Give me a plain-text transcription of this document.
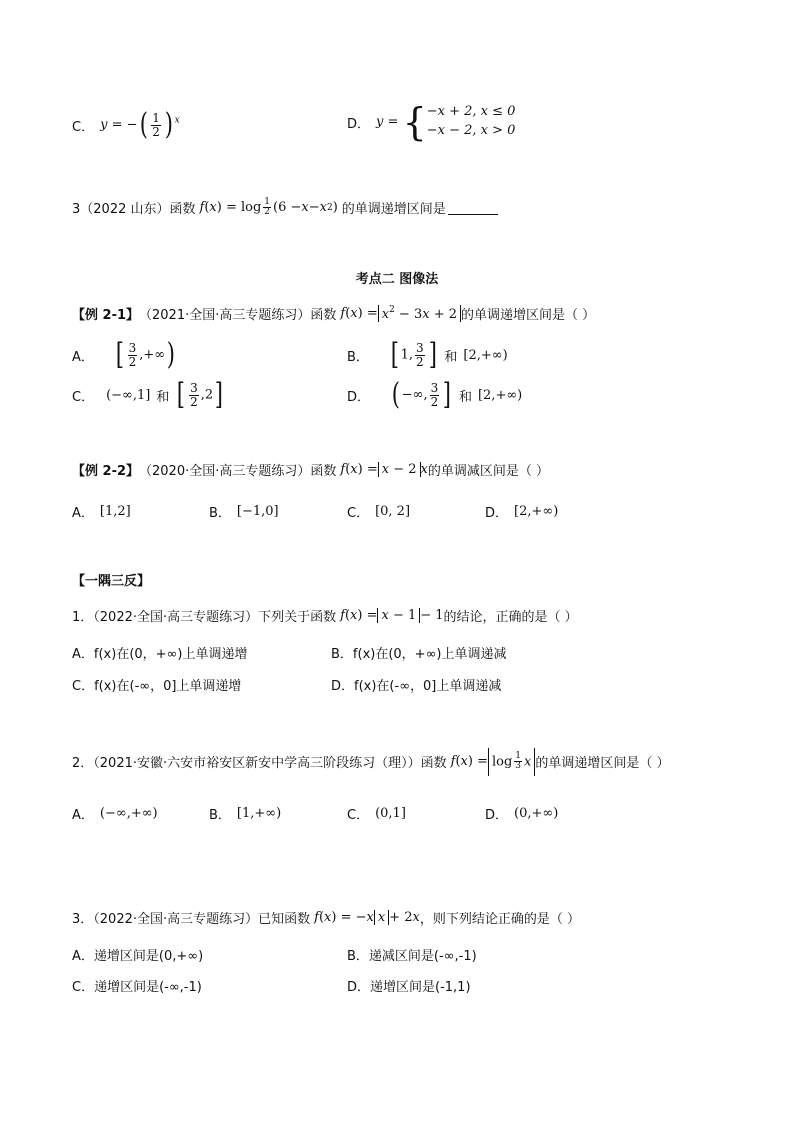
C． y = −( $\frac{1}{2}$ ) $^x$	D． y = { −x + 2, x ≤ 0
−x − 2, x > 0
3（2022 山东）函数 f ( x ) = $\log \frac{1}{2} (6 - x - x$ 2 ) 的单调递增区间是
考点二 图像法
【例 2-1】 （2021·全国·高三专题练习）函数 f ( x ) = $x^2 - 3x + 2$ 的单调递增区间是（ ）
A． [ $\frac{3}{2}$ ,+∞)	B． [ 1, $\frac{3}{2}$ ] 和 [2,+∞)
C． (−∞,1] 和 [ $\frac{3}{2} ,2$]	D． ( −∞, $\frac{3}{2}$ ] 和 [2,+∞)
【例 2-2】 （2020·全国·高三专题练习）函数 f ( x ) = x − 2 x 的单调减区间是（ ）
A． [1,2]	B． [−1,0]	C． [0, 2]	D． [2,+∞)
【一隅三反】
1．（2022·全国·高三专题练习）下列关于函数 f ( x ) = x − 1 − 1 的结论，正确的是（ ）
A．f(x)在(0，+∞)上单调递增	B．f(x)在(0，+∞)上单调递减
C．f(x)在(-∞，0]上单调递增	D．f(x)在(-∞，0]上单调递减
2．（2021·安徽·六安市裕安区新安中学高三阶段练习（理））函数 f ( x ) = $\log \frac{1}{3}$ x 的单调递增区间是（ ）
A． (−∞,+∞)	B． [1,+∞)	C． (0,1]	D． (0,+∞)
3．（2022·全国·高三专题练习）已知函数 f ( x ) = − x x + 2 x ，则下列结论正确的是（ ）
A．递增区间是(0,+∞)	B．递减区间是(-∞,-1)
C．递增区间是(-∞,-1)	D．递增区间是(-1,1)
